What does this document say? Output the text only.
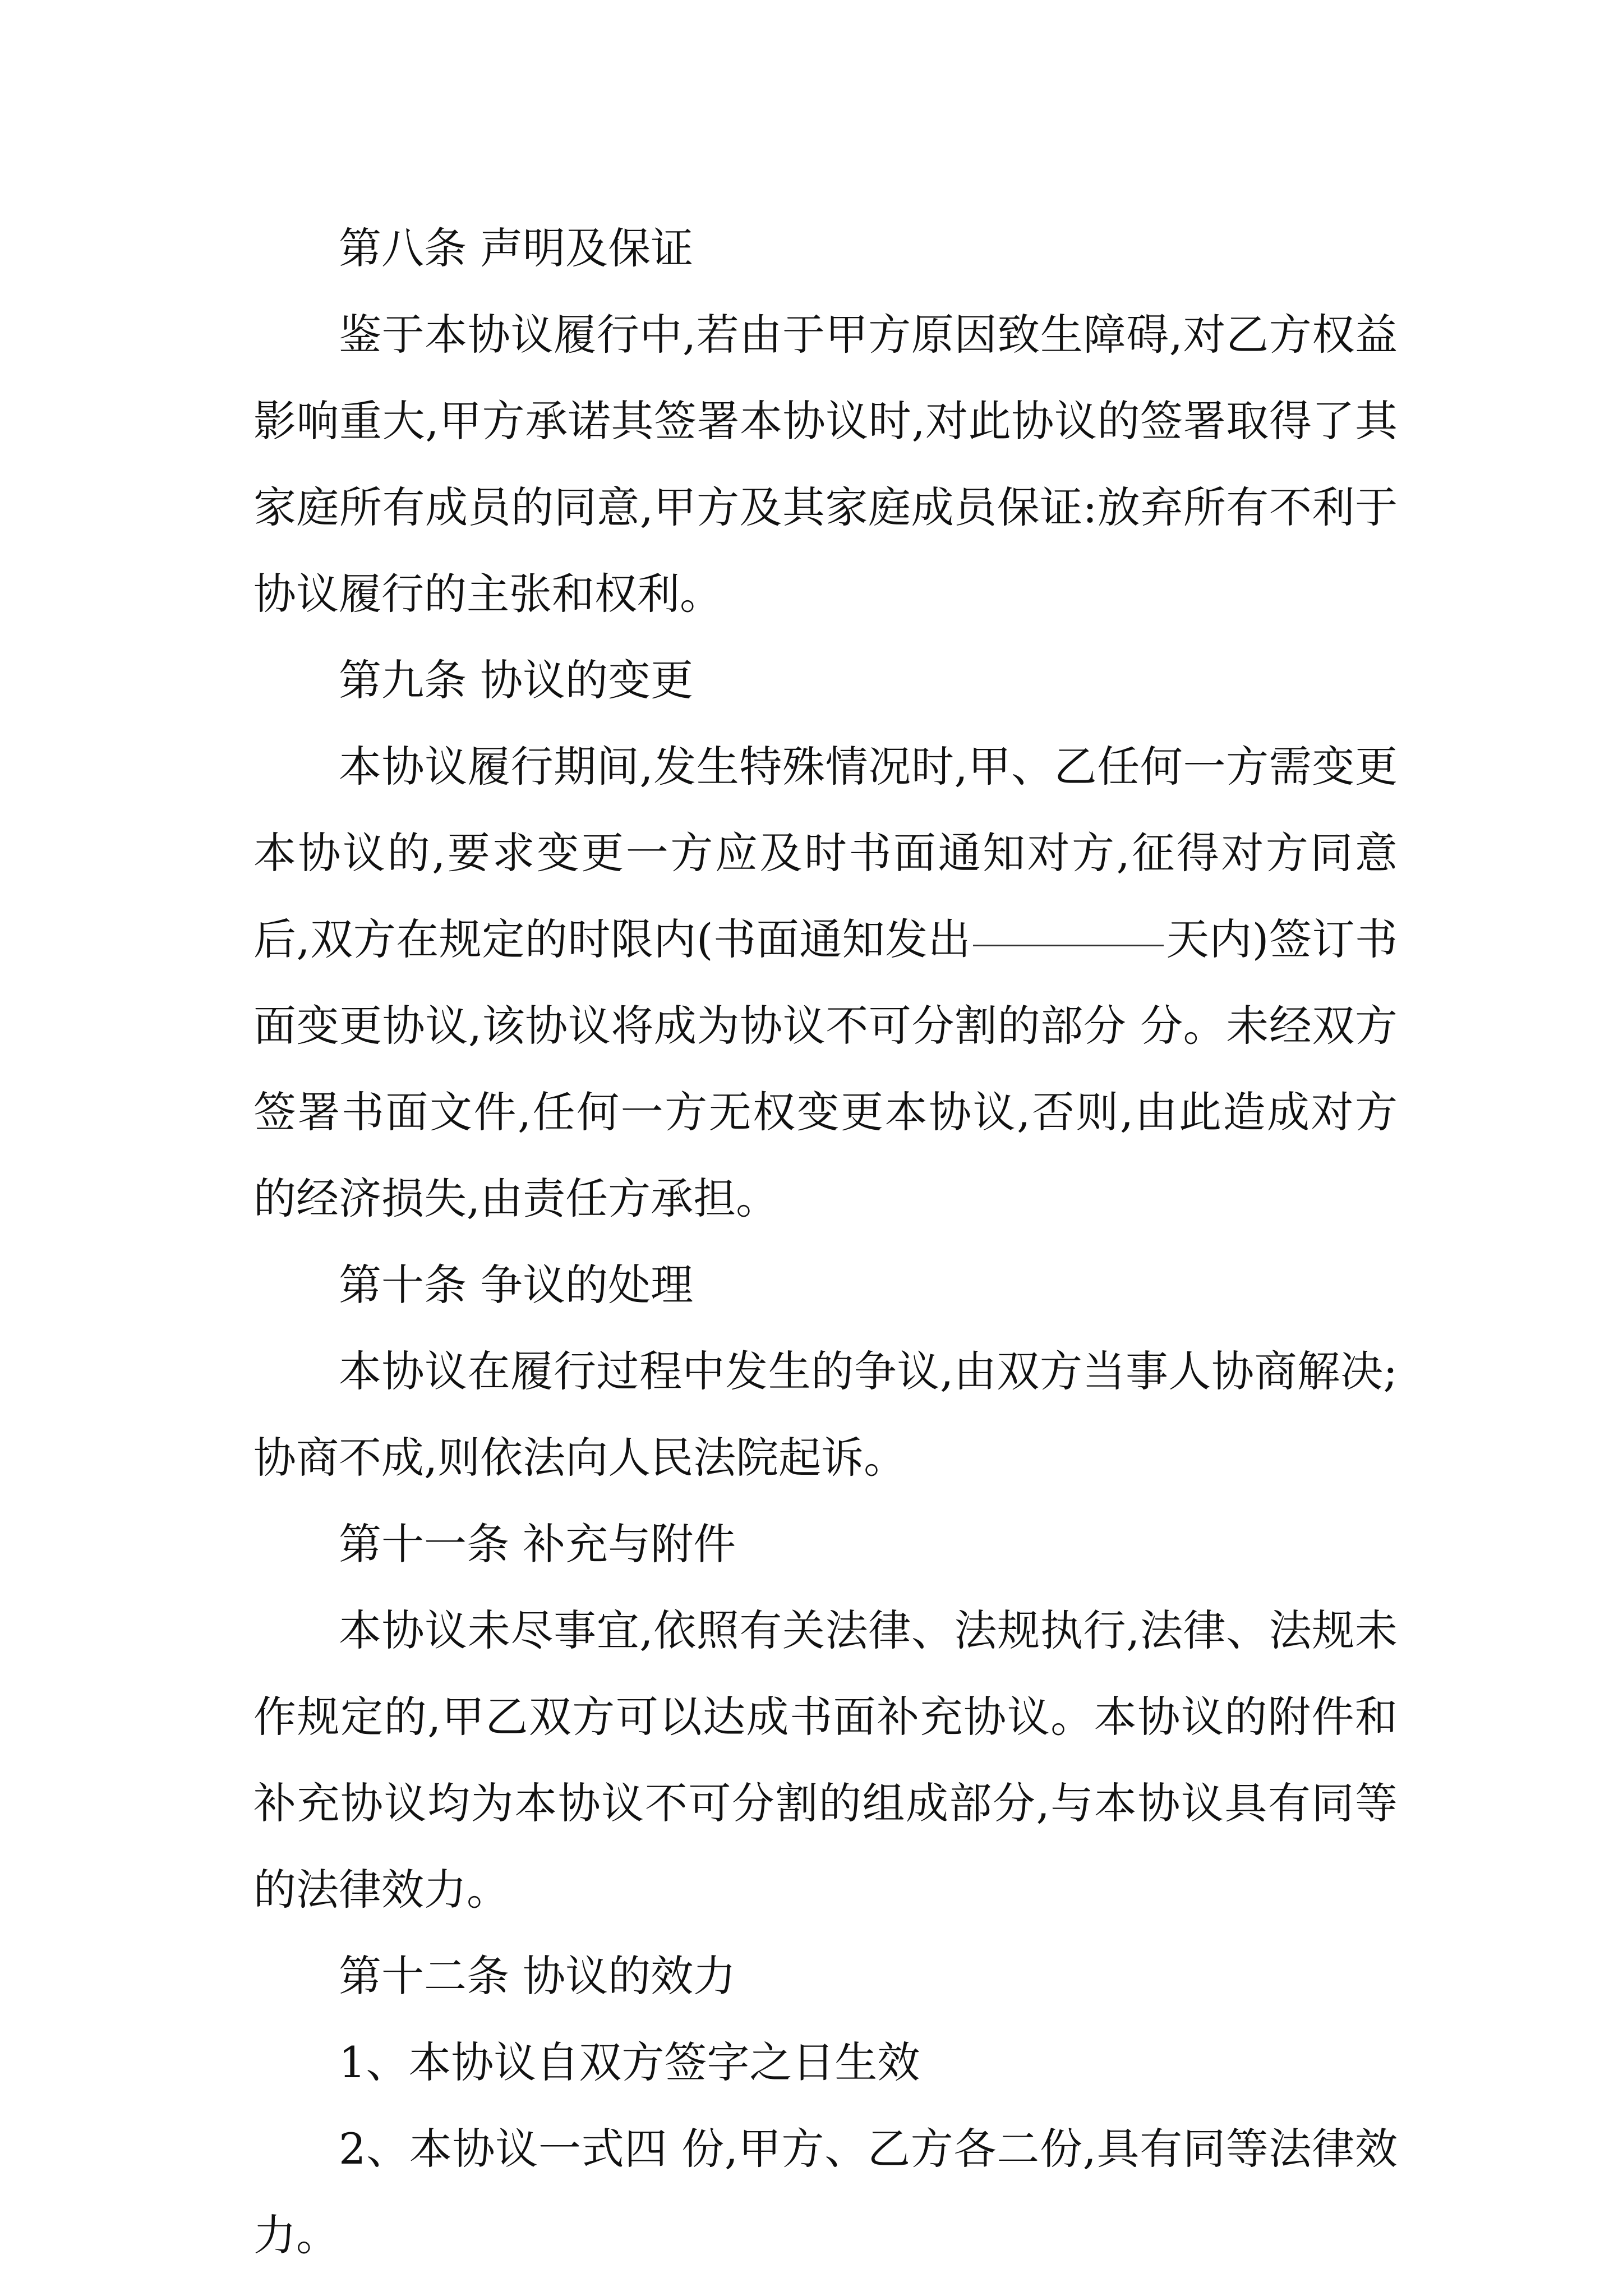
第八条 声明及保证

鉴于本协议履行中,若由于甲方原因致生障碍,对乙方权益影响重大,甲方承诺其签署本协议时,对此协议的签署取得了其家庭所有成员的同意,甲方及其家庭成员保证:放弃所有不利于协议履行的主张和权利。

第九条 协议的变更

本协议履行期间,发生特殊情况时,甲、乙任何一方需变更本协议的,要求变更一方应及时书面通知对方,征得对方同意后,双方在规定的时限内(书面通知发出	天内)签订书面变更协议,该协议将成为协议不可分割的部分 分。未经双方签署书面文件,任何一方无权变更本协议,否则,由此造成对方的经济损失,由责任方承担。

第十条 争议的处理

本协议在履行过程中发生的争议,由双方当事人协商解决;协商不成,则依法向人民法院起诉。

第十一条 补充与附件

本协议未尽事宜,依照有关法律、法规执行,法律、法规未作规定的,甲乙双方可以达成书面补充协议。本协议的附件和补充协议均为本协议不可分割的组成部分,与本协议具有同等的法律效力。

第十二条 协议的效力

1、本协议自双方签字之日生效

2、本协议一式四 份,甲方、乙方各二份,具有同等法律效力。
